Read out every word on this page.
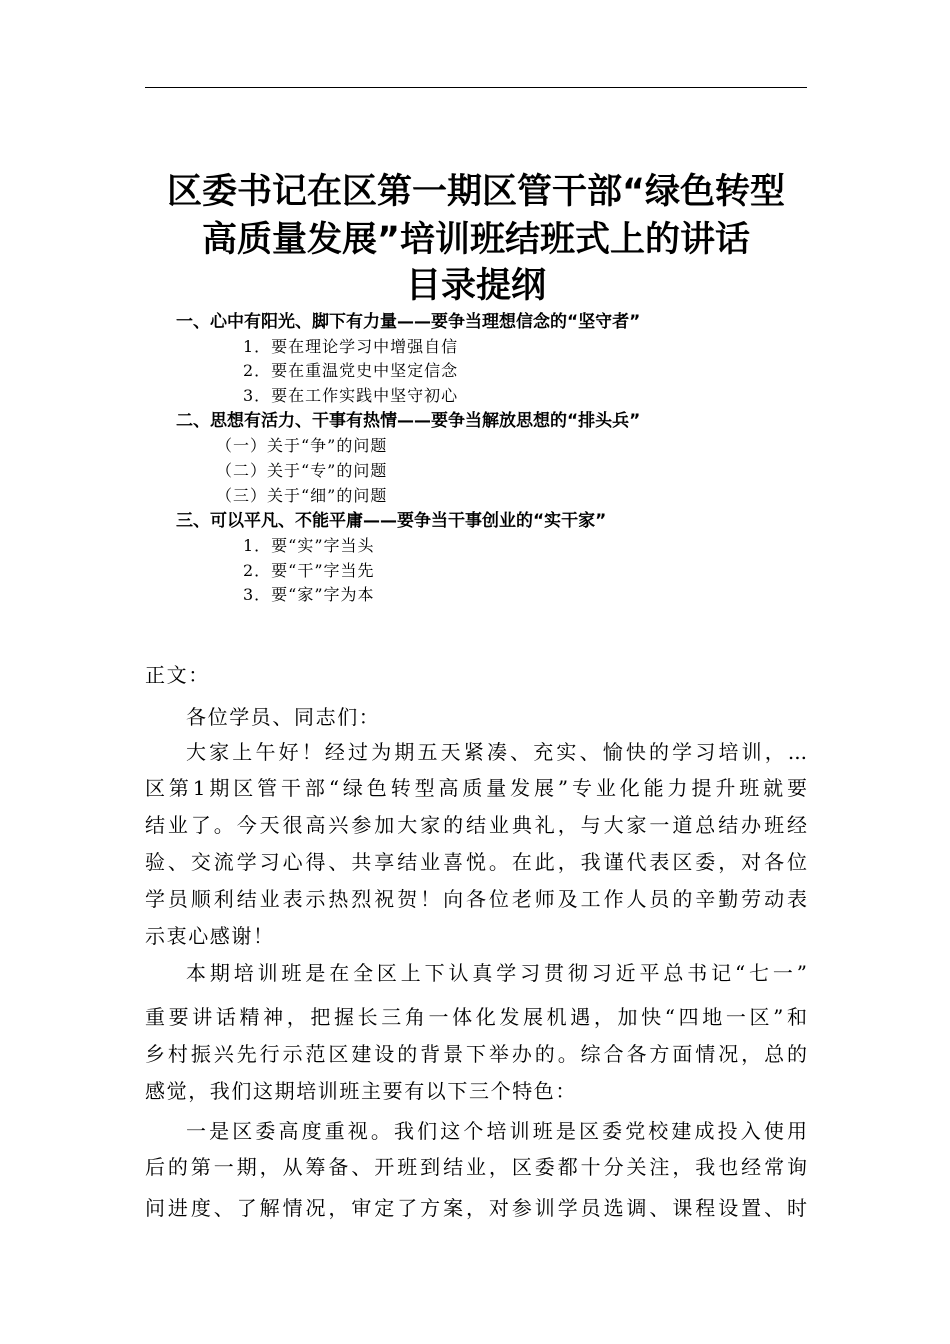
区委书记在区第一期区管干部“绿色转型
高质量发展”培训班结班式上的讲话
目录提纲
一、心中有阳光、脚下有力量——要争当理想信念的“坚守者”
1．要在理论学习中增强自信
2．要在重温党史中坚定信念
3．要在工作实践中坚守初心
二、思想有活力、干事有热情——要争当解放思想的“排头兵”
（一）关于“争”的问题
（二）关于“专”的问题
（三）关于“细”的问题
三、可以平凡、不能平庸——要争当干事创业的“实干家”
1．要“实”字当头
2．要“干”字当先
3．要“家”字为本
正文：
各位学员、同志们：
大家上午好！经过为期五天紧凑、充实、愉快的学习培训，...
区第1期区管干部“绿色转型高质量发展”专业化能力提升班就要
结业了。今天很高兴参加大家的结业典礼，与大家一道总结办班经
验、交流学习心得、共享结业喜悦。在此，我谨代表区委，对各位
学员顺利结业表示热烈祝贺！向各位老师及工作人员的辛勤劳动表
示衷心感谢！
本期培训班是在全区上下认真学习贯彻习近平总书记“七一”
重要讲话精神，把握长三角一体化发展机遇，加快“四地一区”和
乡村振兴先行示范区建设的背景下举办的。综合各方面情况，总的
感觉，我们这期培训班主要有以下三个特色：
一是区委高度重视。我们这个培训班是区委党校建成投入使用
后的第一期，从筹备、开班到结业，区委都十分关注，我也经常询
问进度、了解情况，审定了方案，对参训学员选调、课程设置、时
